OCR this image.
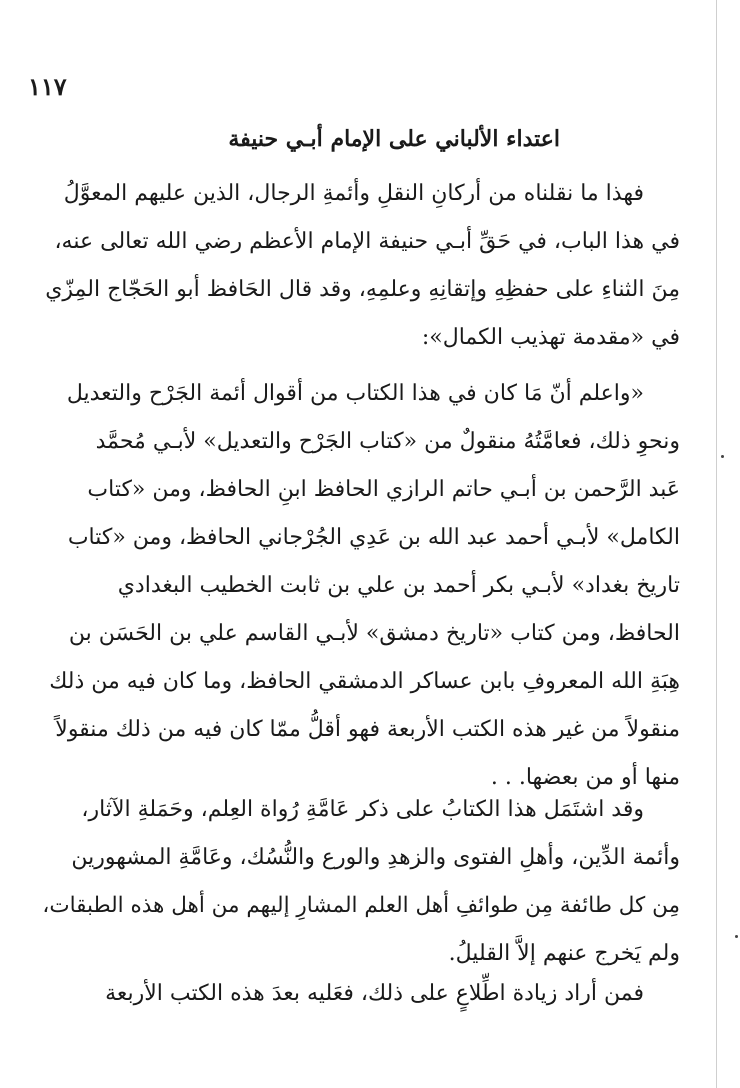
١١٧
اعتداء الألباني على الإمام أبـي حنيفة
فهذا ما نقلناه من أركانِ النقلِ وأئمةِ الرجال، الذين عليهم المعوَّلُ
في هذا الباب، في حَقِّ أبـي حنيفة الإمام الأعظم رضي الله تعالى عنه،
مِنَ الثناءِ على حفظِهِ وإتقانِهِ وعلمِهِ، وقد قال الحَافظ أبو الحَجّاج المِزّي
في «مقدمة تهذيب الكمال»:
«واعلم أنّ مَا كان في هذا الكتاب من أقوال أئمة الجَرْح والتعديل
ونحوِ ذلك، فعامَّتُهُ منقولٌ من «كتاب الجَرْح والتعديل» لأبـي مُحمَّد
عَبد الرَّحمن بن أبـي حاتم الرازي الحافظ ابنِ الحافظ، ومن «كتاب
الكامل» لأبـي أحمد عبد الله بن عَدِي الجُرْجاني الحافظ، ومن «كتاب
تاريخ بغداد» لأبـي بكر أحمد بن علي بن ثابت الخطيب البغدادي
الحافظ، ومن كتاب «تاريخ دمشق» لأبـي القاسم علي بن الحَسَن بن
هِبَةِ الله المعروفِ بابن عساكر الدمشقي الحافظ، وما كان فيه من ذلك
منقولاً من غير هذه الكتب الأربعة فهو أقلُّ ممّا كان فيه من ذلك منقولاً
منها أو من بعضها. . .
وقد اشتَمَل هذا الكتابُ على ذكر عَامَّةِ رُواة العِلم، وحَمَلةِ الآثار،
وأئمة الدِّين، وأهلِ الفتوى والزهدِ والورع والنُّسُك، وعَامَّةِ المشهورين
مِن كل طائفة مِن طوائفِ أهل العلم المشارِ إليهم من أهل هذه الطبقات،
ولم يَخرج عنهم إلاَّ القليلُ.
فمن أراد زيادة اطِّلاعٍ على ذلك، فعَليه بعدَ هذه الكتب الأربعة
